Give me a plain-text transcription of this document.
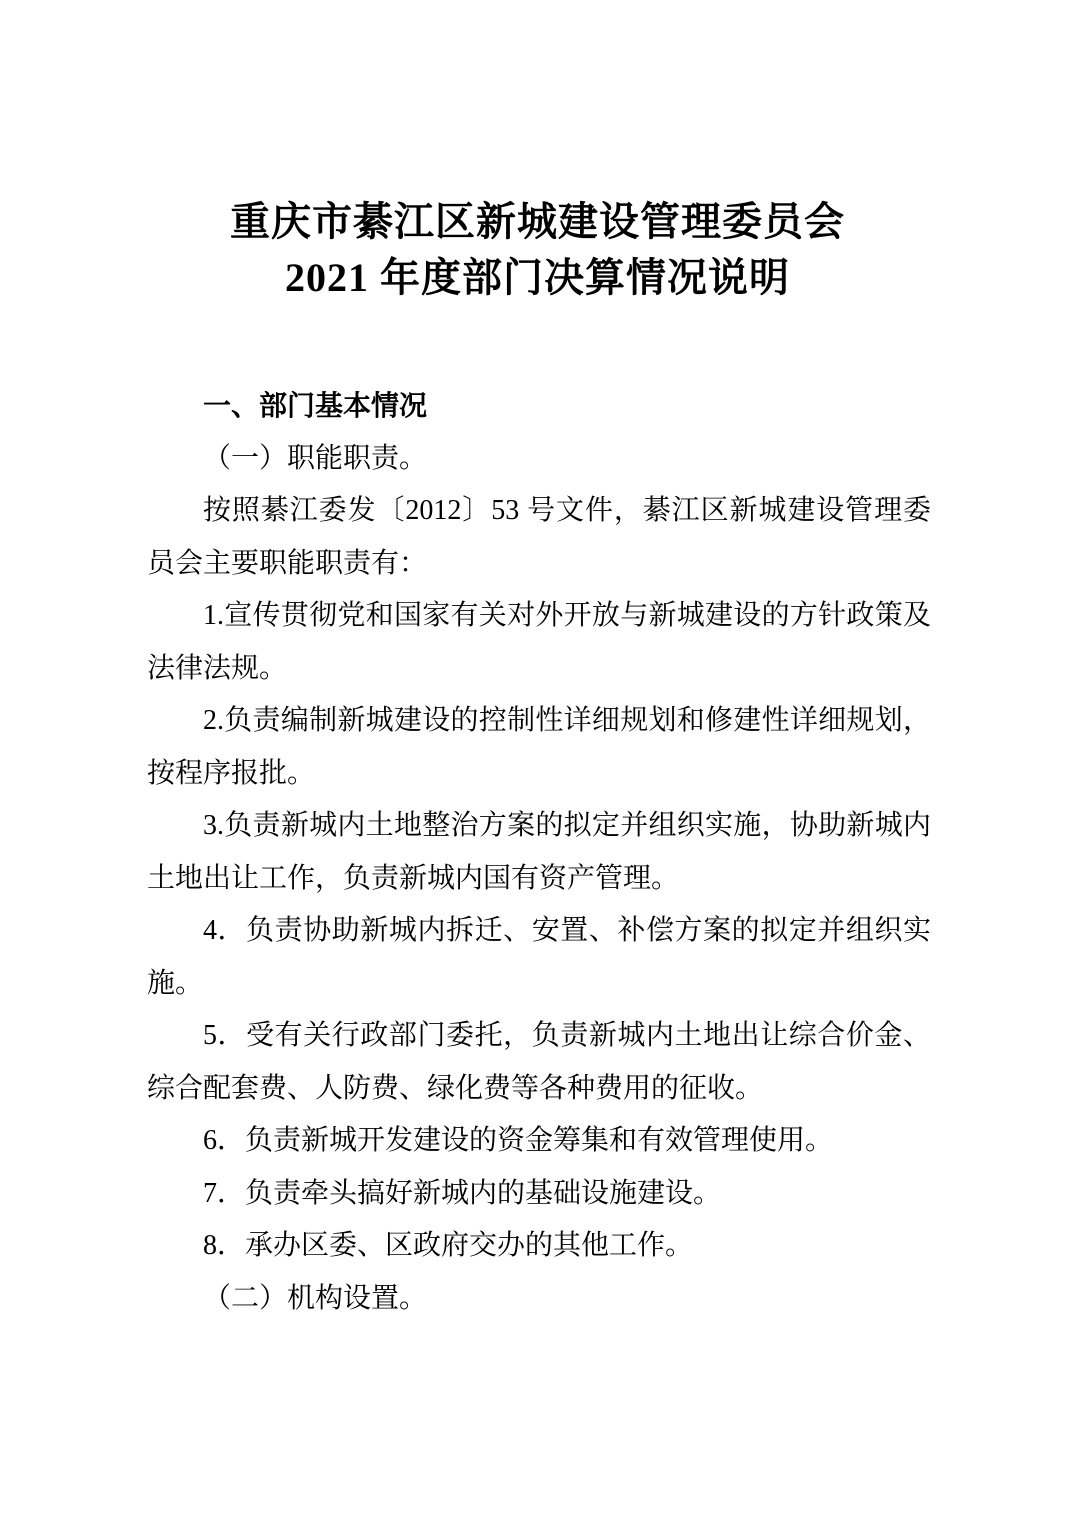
重庆市綦江区新城建设管理委员会
2021 年度部门决算情况说明
一、部门基本情况

（一）职能职责。

按照綦江委发〔2012〕53 号文件，綦江区新城建设管理委员会主要职能职责有：

1.宣传贯彻党和国家有关对外开放与新城建设的方针政策及法律法规。

2.负责编制新城建设的控制性详细规划和修建性详细规划，按程序报批。

3.负责新城内土地整治方案的拟定并组织实施，协助新城内土地出让工作，负责新城内国有资产管理。

4．负责协助新城内拆迁、安置、补偿方案的拟定并组织实施。

5．受有关行政部门委托，负责新城内土地出让综合价金、综合配套费、人防费、绿化费等各种费用的征收。

6．负责新城开发建设的资金筹集和有效管理使用。

7．负责牵头搞好新城内的基础设施建设。

8．承办区委、区政府交办的其他工作。

（二）机构设置。
